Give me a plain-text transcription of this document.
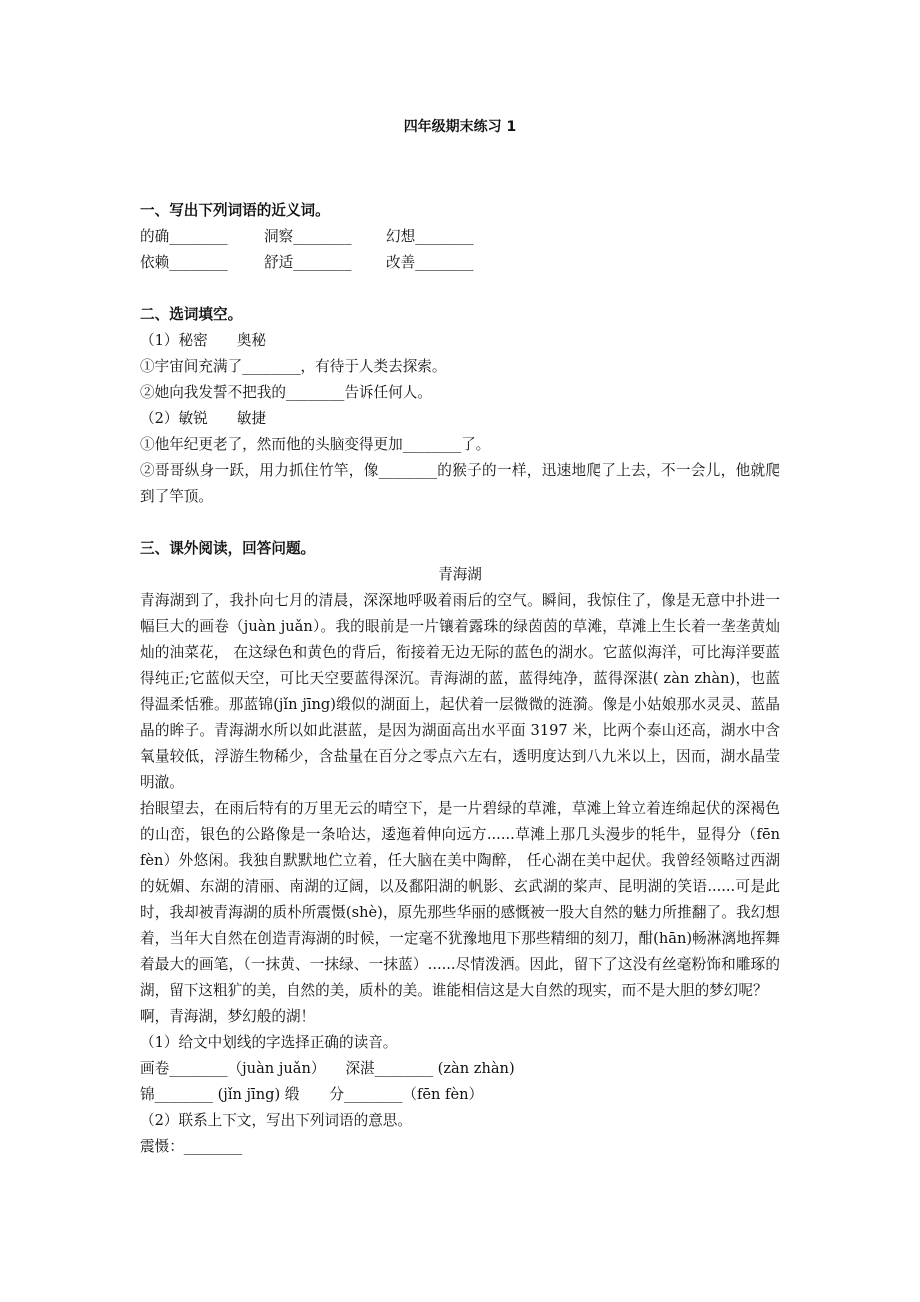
四年级期末练习 1
一、写出下列词语的近义词。
的确________ 洞察________ 幻想________
依赖________ 舒适________ 改善________
二、选词填空。
（1）秘密　　奥秘
①宇宙间充满了________，有待于人类去探索。
②她向我发誓不把我的________告诉任何人。
（2）敏锐　　敏捷
①他年纪更老了，然而他的头脑变得更加________了。
②哥哥纵身一跃，用力抓住竹竿，像________的猴子的一样，迅速地爬了上去，不一会儿，他就爬到了竿顶。
三、课外阅读，回答问题。
青海湖
青海湖到了，我扑向七月的清晨，深深地呼吸着雨后的空气。瞬间，我惊住了，像是无意中扑进一幅巨大的画卷（juàn juǎn）。我的眼前是一片镶着露珠的绿茵茵的草滩，草滩上生长着一垄垄黄灿灿的油菜花， 在这绿色和黄色的背后，衔接着无边无际的蓝色的湖水。它蓝似海洋，可比海洋要蓝得纯正;它蓝似天空，可比天空要蓝得深沉。青海湖的蓝，蓝得纯净，蓝得深湛( zàn zhàn)，也蓝得温柔恬雅。那蓝锦(jǐn jīng)缎似的湖面上，起伏着一层微微的涟漪。像是小姑娘那水灵灵、蓝晶晶的眸子。青海湖水所以如此湛蓝，是因为湖面高出水平面 3197 米，比两个泰山还高，湖水中含氧量较低，浮游生物稀少，含盐量在百分之零点六左右，透明度达到八九米以上，因而，湖水晶莹明澈。
抬眼望去，在雨后特有的万里无云的晴空下，是一片碧绿的草滩，草滩上耸立着连绵起伏的深褐色的山峦，银色的公路像是一条哈达，逶迤着伸向远方......草滩上那几头漫步的牦牛，显得分（fēn fèn）外悠闲。我独自默默地伫立着，任大脑在美中陶醉， 任心湖在美中起伏。我曾经领略过西湖的妩媚、东湖的清丽、南湖的辽阔，以及鄱阳湖的帆影、玄武湖的桨声、昆明湖的笑语......可是此时，我却被青海湖的质朴所震慑(shè)，原先那些华丽的感慨被一股大自然的魅力所推翻了。我幻想着，当年大自然在创造青海湖的时候，一定毫不犹豫地甩下那些精细的刻刀，酣(hān)畅淋漓地挥舞着最大的画笔，（一抹黄、一抹绿、一抹蓝）......尽情泼洒。因此，留下了这没有丝毫粉饰和雕琢的湖，留下这粗犷的美，自然的美，质朴的美。谁能相信这是大自然的现实，而不是大胆的梦幻呢？
啊，青海湖，梦幻般的湖！
（1）给文中划线的字选择正确的读音。
画卷________（juàn juǎn） 深湛________ (zàn zhàn)
锦________ (jǐn jīng) 缎 分________（fēn fèn）
（2）联系上下文，写出下列词语的意思。
震慑：________
